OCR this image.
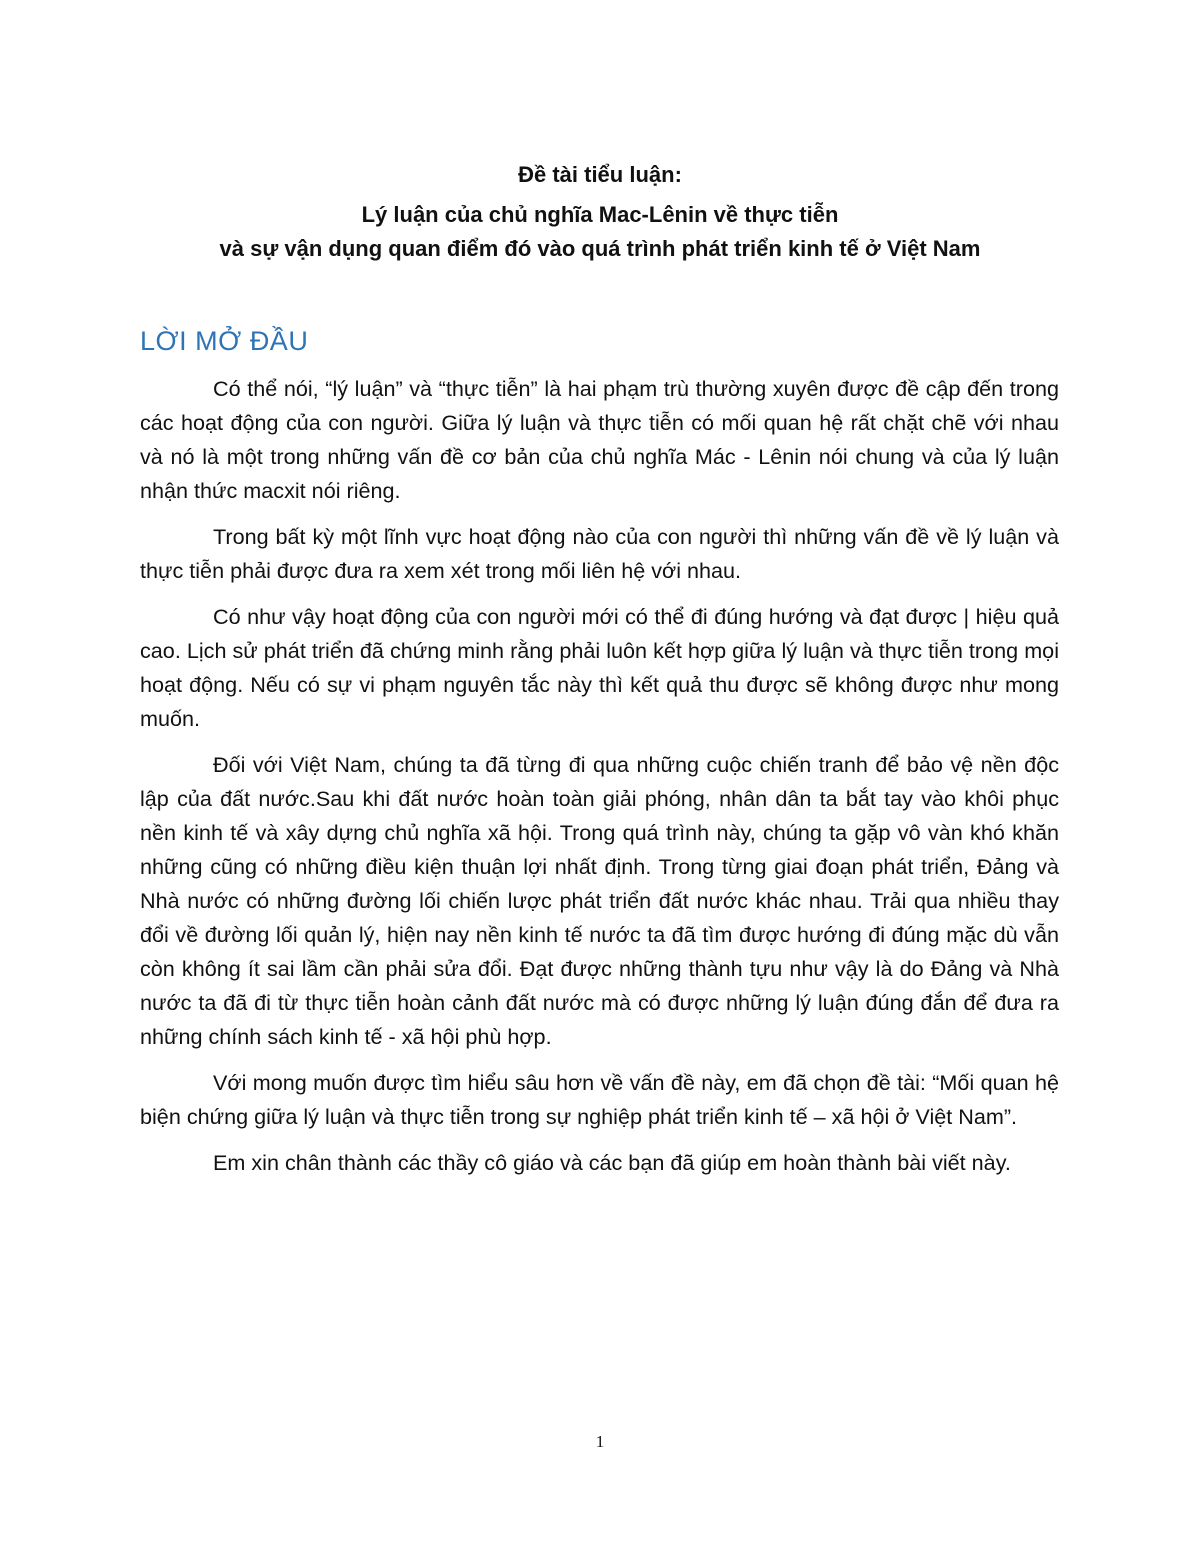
Đề tài tiểu luận:
Lý luận của chủ nghĩa Mac-Lênin về thực tiễn
và sự vận dụng quan điểm đó vào quá trình phát triển kinh tế ở Việt Nam
LỜI MỞ ĐẦU

Có thể nói, “lý luận” và “thực tiễn” là hai phạm trù thường xuyên được đề cập đến trong các hoạt động của con người. Giữa lý luận và thực tiễn có mối quan hệ rất chặt chẽ với nhau và nó là một trong những vấn đề cơ bản của chủ nghĩa Mác - Lênin nói chung và của lý luận nhận thức macxit nói riêng.

Trong bất kỳ một lĩnh vực hoạt động nào của con người thì những vấn đề về lý luận và thực tiễn phải được đưa ra xem xét trong mối liên hệ với nhau.

Có như vậy hoạt động của con người mới có thể đi đúng hướng và đạt được | hiệu quả cao. Lịch sử phát triển đã chứng minh rằng phải luôn kết hợp giữa lý luận và thực tiễn trong mọi hoạt động. Nếu có sự vi phạm nguyên tắc này thì kết quả thu được sẽ không được như mong muốn.

Đối với Việt Nam, chúng ta đã từng đi qua những cuộc chiến tranh để bảo vệ nền độc lập của đất nước.Sau khi đất nước hoàn toàn giải phóng, nhân dân ta bắt tay vào khôi phục nền kinh tế và xây dựng chủ nghĩa xã hội. Trong quá trình này, chúng ta gặp vô vàn khó khăn những cũng có những điều kiện thuận lợi nhất định. Trong từng giai đoạn phát triển, Đảng và Nhà nước có những đường lối chiến lược phát triển đất nước khác nhau. Trải qua nhiều thay đổi về đường lối quản lý, hiện nay nền kinh tế nước ta đã tìm được hướng đi đúng mặc dù vẫn còn không ít sai lầm cần phải sửa đổi. Đạt được những thành tựu như vậy là do Đảng và Nhà nước ta đã đi từ thực tiễn hoàn cảnh đất nước mà có được những lý luận đúng đắn để đưa ra những chính sách kinh tế - xã hội phù hợp.

Với mong muốn được tìm hiểu sâu hơn về vấn đề này, em đã chọn đề tài: “Mối quan hệ biện chứng giữa lý luận và thực tiễn trong sự nghiệp phát triển kinh tế – xã hội ở Việt Nam”.

Em xin chân thành các thầy cô giáo và các bạn đã giúp em hoàn thành bài viết này.

1
